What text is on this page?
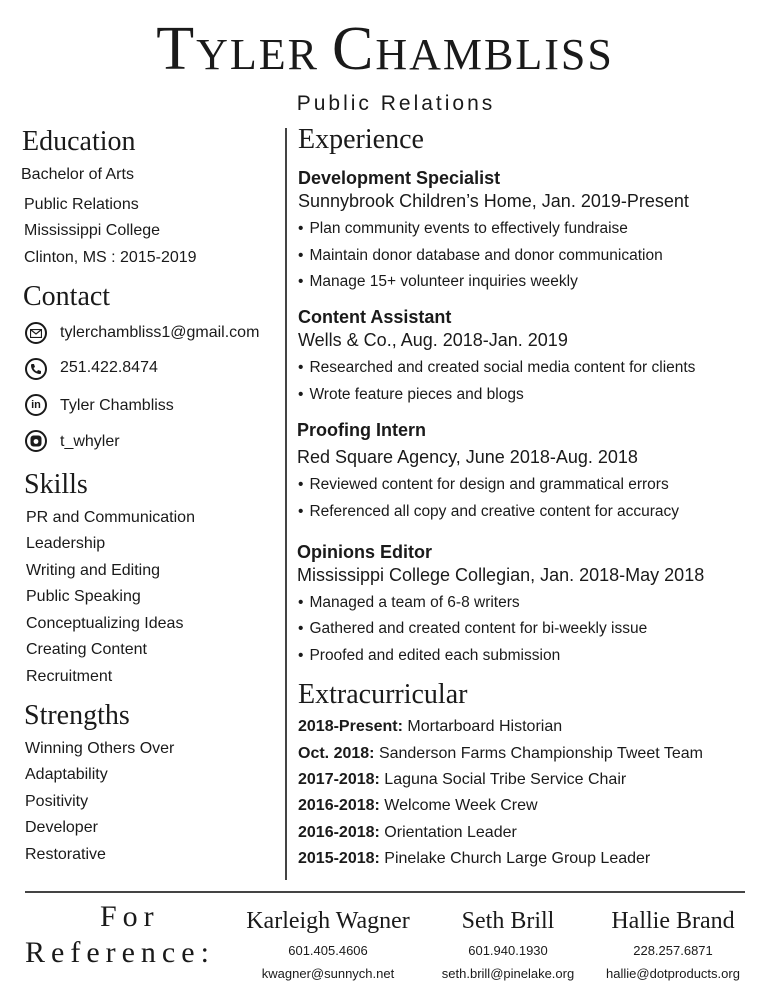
TYLER CHAMBLISS
Public Relations
Education
Bachelor of Arts
Public Relations
Mississippi College
Clinton, MS : 2015-2019
Contact
tylerchambliss1@gmail.com
251.422.8474
in	Tyler Chambliss
t_whyler
Skills
PR and Communication
Leadership
Writing and Editing
Public Speaking
Conceptualizing Ideas
Creating Content
Recruitment
Strengths
Winning Others Over
Adaptability
Positivity
Developer
Restorative
Experience
Development Specialist
Sunnybrook Children’s Home, Jan. 2019-Present
• Plan community events to effectively fundraise
• Maintain donor database and donor communication
• Manage 15+ volunteer inquiries weekly
Content Assistant
Wells & Co., Aug. 2018-Jan. 2019
• Researched and created social media content for clients
• Wrote feature pieces and blogs
Proofing Intern
Red Square Agency, June 2018-Aug. 2018
• Reviewed content for design and grammatical errors
• Referenced all copy and creative content for accuracy
Opinions Editor
Mississippi College Collegian, Jan. 2018-May 2018
• Managed a team of 6-8 writers
• Gathered and created content for bi-weekly issue
• Proofed and edited each submission
Extracurricular
2018-Present: Mortarboard Historian
Oct. 2018: Sanderson Farms Championship Tweet Team
2017-2018: Laguna Social Tribe Service Chair
2016-2018: Welcome Week Crew
2016-2018: Orientation Leader
2015-2018: Pinelake Church Large Group Leader
For
Reference:
Karleigh Wagner
601.405.4606
kwagner@sunnych.net
Seth Brill
601.940.1930
seth.brill@pinelake.org
Hallie Brand
228.257.6871
hallie@dotproducts.org
